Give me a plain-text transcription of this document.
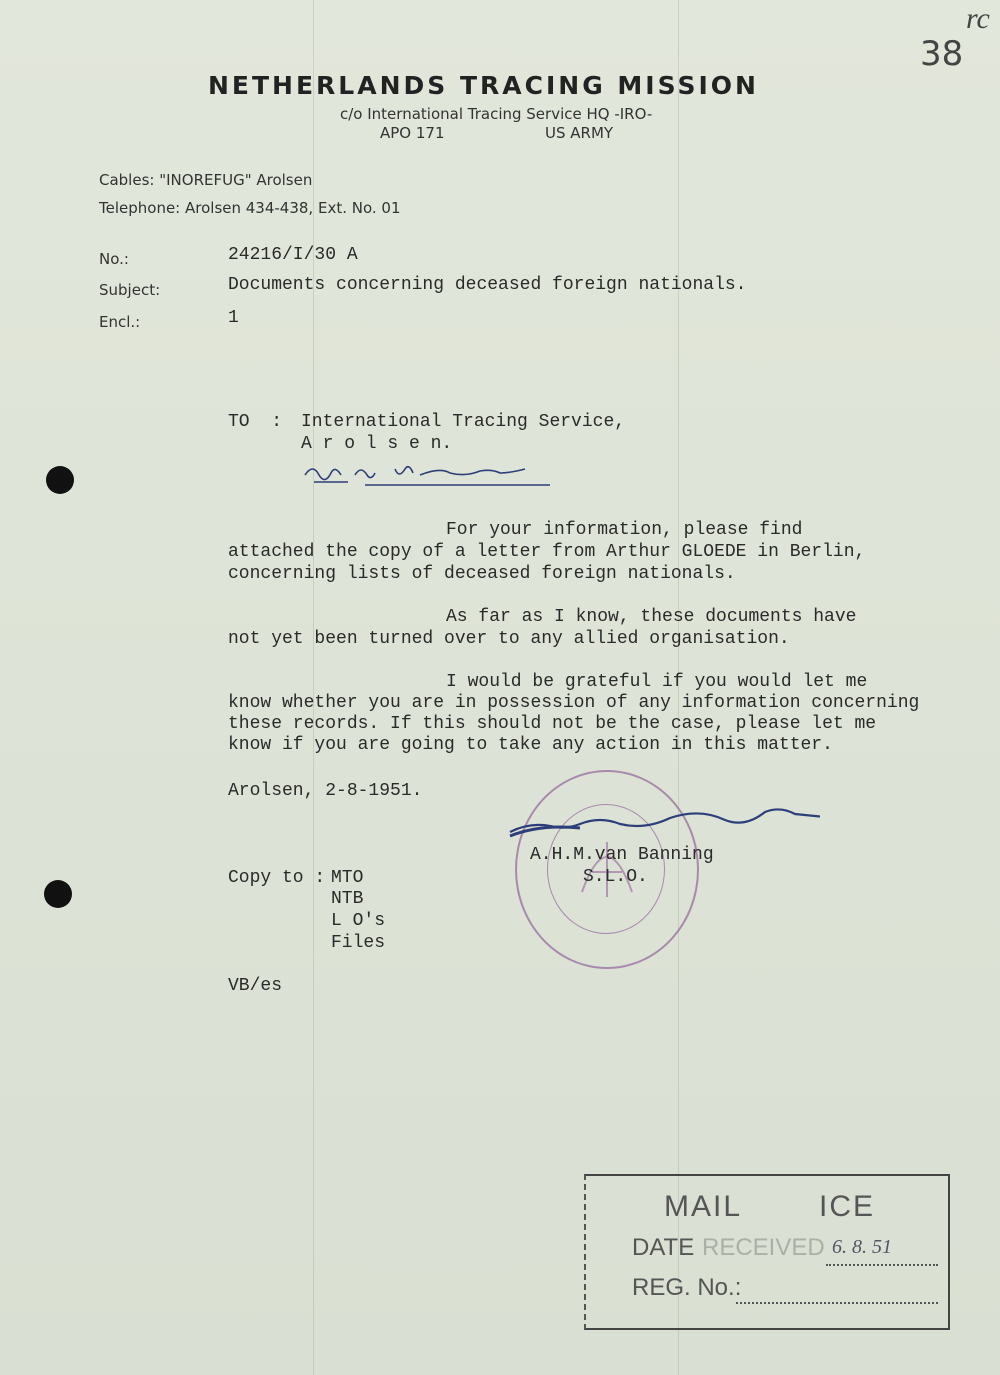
38
rc
NETHERLANDS TRACING MISSION
c/o International Tracing Service HQ -IRO-
APO 171	US ARMY
Cables: "INOREFUG" Arolsen
Telephone: Arolsen 434-438, Ext. No. 01
No.:	24216/I/30 A
Subject:	Documents concerning deceased foreign nationals.
Encl.:	1
TO  : International Tracing Service,
A r o l s e n.
For your information, please find
attached the copy of a letter from Arthur GLOEDE in Berlin,
concerning lists of deceased foreign nationals.
As far as I know, these documents have
not yet been turned over to any allied organisation.
I would be grateful if you would let me
know whether you are in possession of any information concerning
these records. If this should not be the case, please let me
know if you are going to take any action in this matter.
Arolsen, 2-8-1951.
A.H.M.van Banning
S.L.O.
Copy to : MTO
NTB
L O's
Files
VB/es
MAIL	ICE
DATE RECEIVED 6. 8. 51
REG. No.:
